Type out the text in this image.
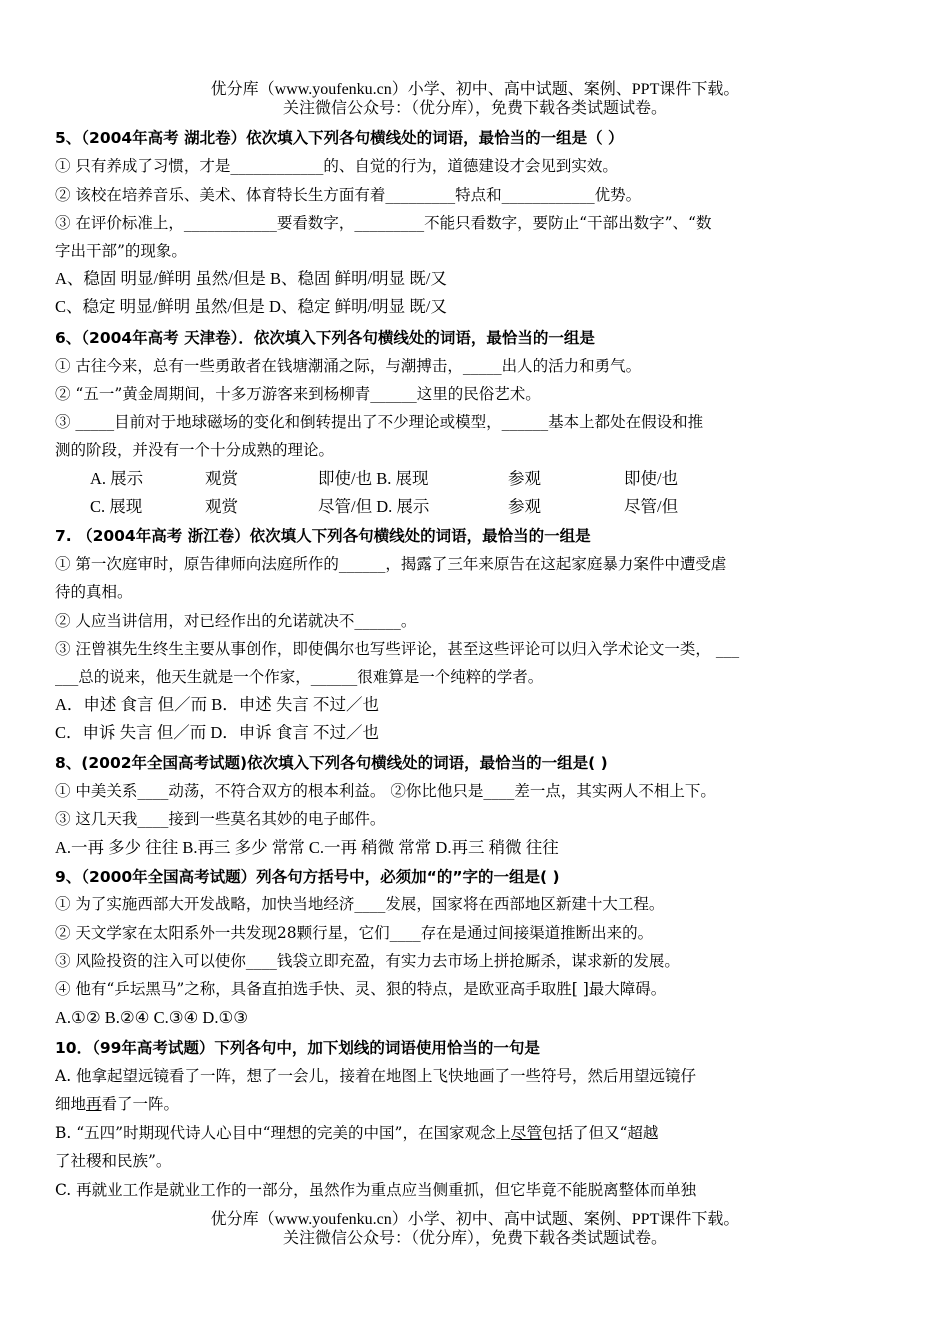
优分库（www.youfenku.cn）小学、初中、高中试题、案例、PPT课件下载。
关注微信公众号：（优分库），免费下载各类试题试卷。
5、（2004年高考 湖北卷）依次填入下列各句横线处的词语，最恰当的一组是（ ）
① 只有养成了习惯，才是____________的、自觉的行为，道德建设才会见到实效。
② 该校在培养音乐、美术、体育特长生方面有着_________特点和____________优势。
③ 在评价标准上，____________要看数字，_________不能只看数字，要防止“干部出数字”、“数
字出干部”的现象。
A、稳固 明显/鲜明 虽然/但是 B、稳固 鲜明/明显 既/又
C、稳定 明显/鲜明 虽然/但是 D、稳定 鲜明/明显 既/又
6、（2004年高考 天津卷）．依次填入下列各句横线处的词语，最恰当的一组是
① 古往今来，总有一些勇敢者在钱塘潮涌之际，与潮搏击，_____出人的活力和勇气。
② “五一”黄金周期间，十多万游客来到杨柳青______这里的民俗艺术。
③ _____目前对于地球磁场的变化和倒转提出了不少理论或模型，______基本上都处在假设和推
测的阶段，并没有一个十分成熟的理论。
A. 展示	观赏	即使/也 B. 展现	参观	即使/也
C. 展现	观赏	尽管/但 D. 展示	参观	尽管/但
7. （2004年高考 浙江卷）依次填人下列各句横线处的词语，最恰当的一组是
① 第一次庭审时，原告律师向法庭所作的______，揭露了三年来原告在这起家庭暴力案件中遭受虐
待的真相。
② 人应当讲信用，对已经作出的允诺就决不______。
③ 汪曾祺先生终生主要从事创作，即使偶尔也写些评论，甚至这些评论可以归入学术论文一类， ___
___总的说来，他天生就是一个作家，______很难算是一个纯粹的学者。
A．申述 食言 但／而 B．申述 失言 不过／也
C．申诉 失言 但／而 D．申诉 食言 不过／也
8、(2002年全国高考试题)依次填入下列各句横线处的词语，最恰当的一组是( )
① 中美关系____动荡，不符合双方的根本利益。 ②你比他只是____差一点，其实两人不相上下。
③ 这几天我____接到一些莫名其妙的电子邮件。
A.一再 多少 往往 B.再三 多少 常常 C.一再 稍微 常常 D.再三 稍微 往往
9、（2000年全国高考试题）列各句方括号中，必须加“的”字的一组是( )
① 为了实施西部大开发战略，加快当地经济____发展，国家将在西部地区新建十大工程。
② 天文学家在太阳系外一共发现28颗行星，它们____存在是通过间接渠道推断出来的。
③ 风险投资的注入可以使你____钱袋立即充盈，有实力去市场上拼抢厮杀，谋求新的发展。
④ 他有“乒坛黑马”之称，具备直拍选手快、灵、狠的特点，是欧亚高手取胜[ ]最大障碍。
A.①② B.②④ C.③④ D.①③
10．（99年高考试题）下列各句中，加下划线的词语使用恰当的一句是
A. 他拿起望远镜看了一阵，想了一会儿，接着在地图上飞快地画了一些符号，然后用望远镜仔
细地再看了一阵。
B. “五四”时期现代诗人心目中“理想的完美的中国”，在国家观念上尽管包括了但又“超越
了社稷和民族”。
C. 再就业工作是就业工作的一部分，虽然作为重点应当侧重抓，但它毕竟不能脱离整体而单独
优分库（www.youfenku.cn）小学、初中、高中试题、案例、PPT课件下载。
关注微信公众号：（优分库），免费下载各类试题试卷。
